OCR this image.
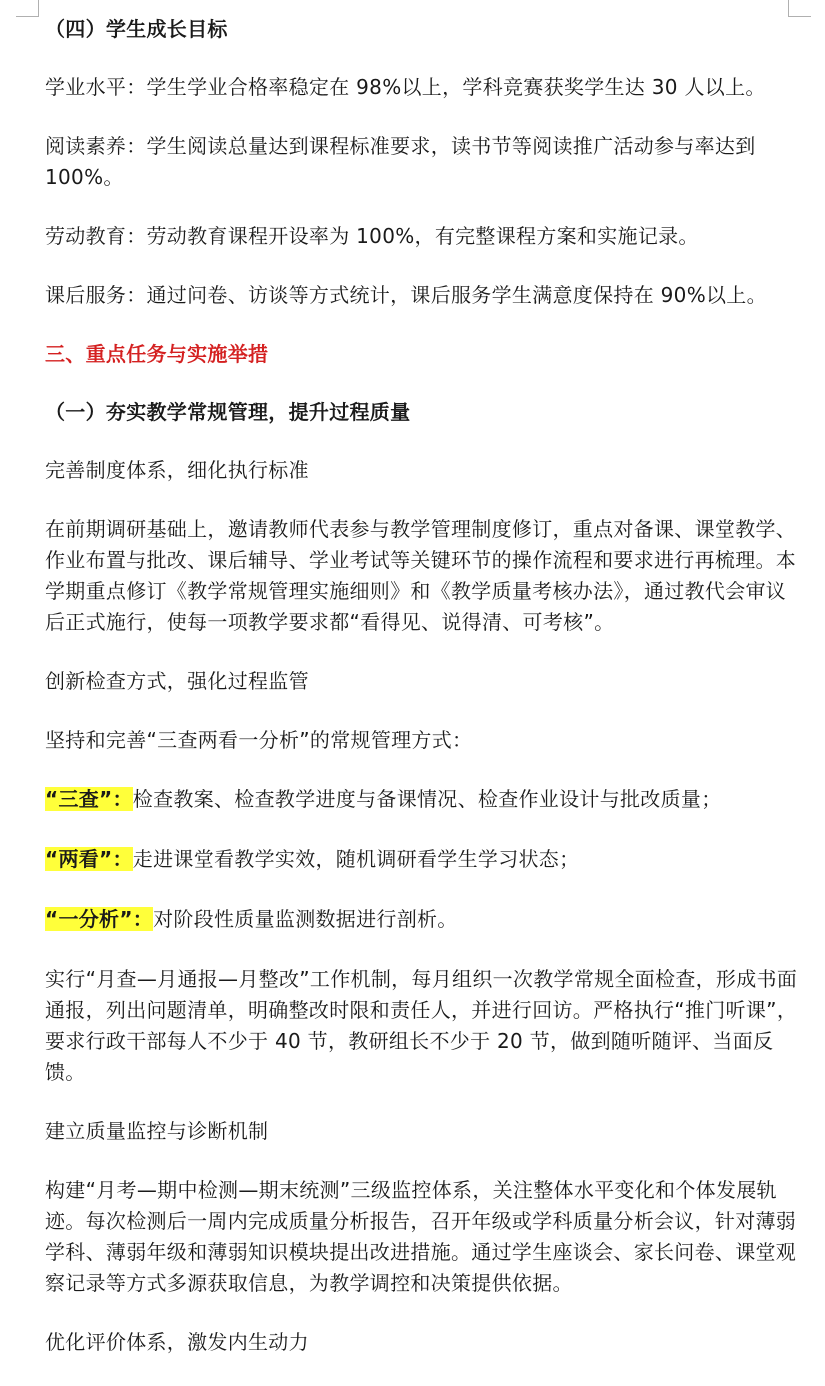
（四）学生成长目标

学业水平：学生学业合格率稳定在 98%以上，学科竞赛获奖学生达 30 人以上。

阅读素养：学生阅读总量达到课程标准要求，读书节等阅读推广活动参与率达到100%。

劳动教育：劳动教育课程开设率为 100%，有完整课程方案和实施记录。

课后服务：通过问卷、访谈等方式统计，课后服务学生满意度保持在 90%以上。

三、重点任务与实施举措

（一）夯实教学常规管理，提升过程质量

完善制度体系，细化执行标准

在前期调研基础上，邀请教师代表参与教学管理制度修订，重点对备课、课堂教学、作业布置与批改、课后辅导、学业考试等关键环节的操作流程和要求进行再梳理。本学期重点修订《教学常规管理实施细则》和《教学质量考核办法》，通过教代会审议后正式施行，使每一项教学要求都“看得见、说得清、可考核”。

创新检查方式，强化过程监管

坚持和完善“三查两看一分析”的常规管理方式：

“三查”：检查教案、检查教学进度与备课情况、检查作业设计与批改质量；

“两看”：走进课堂看教学实效，随机调研看学生学习状态；

“一分析”：对阶段性质量监测数据进行剖析。

实行“月查—月通报—月整改”工作机制，每月组织一次教学常规全面检查，形成书面通报，列出问题清单，明确整改时限和责任人，并进行回访。严格执行“推门听课”，要求行政干部每人不少于 40 节，教研组长不少于 20 节，做到随听随评、当面反馈。

建立质量监控与诊断机制

构建“月考—期中检测—期末统测”三级监控体系，关注整体水平变化和个体发展轨迹。每次检测后一周内完成质量分析报告，召开年级或学科质量分析会议，针对薄弱学科、薄弱年级和薄弱知识模块提出改进措施。通过学生座谈会、家长问卷、课堂观察记录等方式多源获取信息，为教学调控和决策提供依据。

优化评价体系，激发内生动力
